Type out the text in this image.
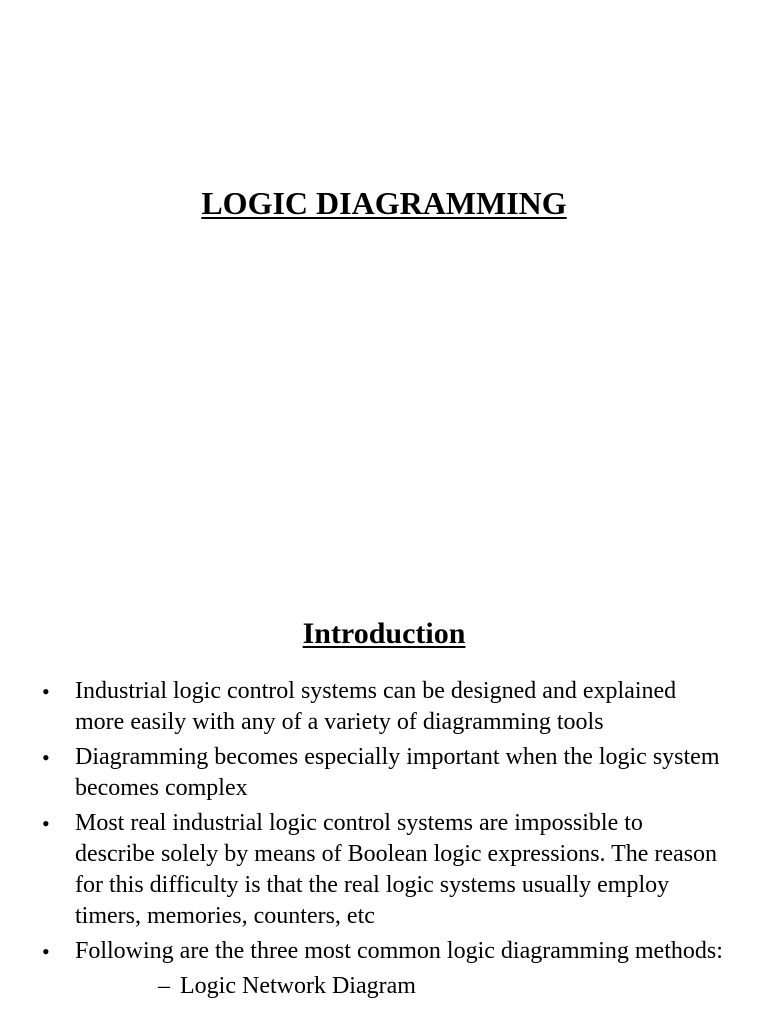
LOGIC DIAGRAMMING
Introduction
•	Industrial logic control systems can be designed and explained more easily with any of a variety of diagramming tools
•	Diagramming becomes especially important when the logic system becomes complex
•	Most real industrial logic control systems are impossible to describe solely by means of Boolean logic expressions. The reason for this difficulty is that the real logic systems usually employ timers, memories, counters, etc
•	Following are the three most common logic diagramming methods:
– Logic Network Diagram
